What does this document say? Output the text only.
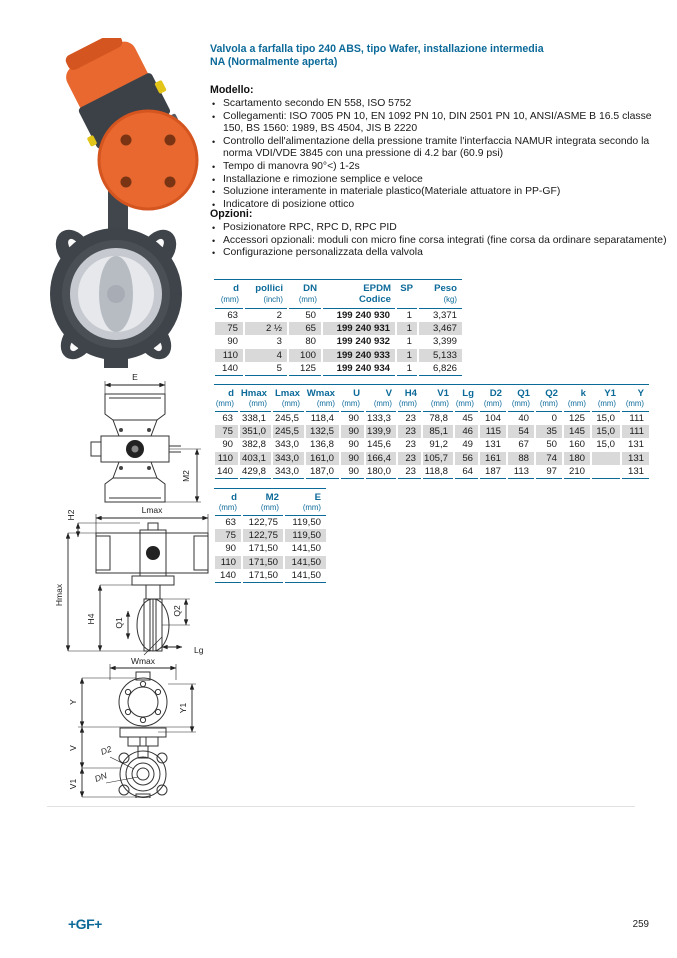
Valvola a farfalla tipo 240 ABS, tipo Wafer, installazione intermedia
NA (Normalmente aperta)
Modello:
• Scartamento secondo EN 558, ISO 5752
• Collegamenti: ISO 7005 PN 10, EN 1092 PN 10, DIN 2501 PN 10, ANSI/ASME B 16.5 classe 150, BS 1560: 1989, BS 4504, JIS B 2220
• Controllo dell'alimentazione della pressione tramite l'interfaccia NAMUR integrata secondo la norma VDI/VDE 3845 con una pressione di 4.2 bar (60.9 psi)
• Tempo di manovra 90°<) 1-2s
• Installazione e rimozione semplice e veloce
• Soluzione interamente in materiale plastico(Materiale attuatore in PP-GF)
• Indicatore di posizione ottico
Opzioni:
• Posizionatore RPC, RPC D, RPC PID
• Accessori opzionali: moduli con micro fine corsa integrati (fine corsa da ordinare separatamente)
• Configurazione personalizzata della valvola
d	pollici	DN	EPDM	SP	Peso
(mm)	(inch)	(mm)	Codice		(kg)
63	2	50	199 240 930	1	3,371
75	2 ½	65	199 240 931	1	3,467
90	3	80	199 240 932	1	3,399
110	4	100	199 240 933	1	5,133
140	5	125	199 240 934	1	6,826
d	Hmax	Lmax	Wmax	U	V	H4	V1	Lg	D2	Q1	Q2	k	Y1	Y
(mm)	(mm)	(mm)	(mm)	(mm)	(mm)	(mm)	(mm)	(mm)	(mm)	(mm)	(mm)	(mm)	(mm)	(mm)
63	338,1	245,5	118,4	90	133,3	23	78,8	45	104	40	0	125	15,0	111
75	351,0	245,5	132,5	90	139,9	23	85,1	46	115	54	35	145	15,0	111
90	382,8	343,0	136,8	90	145,6	23	91,2	49	131	67	50	160	15,0	131
110	403,1	343,0	161,0	90	166,4	23	105,7	56	161	88	74	180		131
140	429,8	343,0	187,0	90	180,0	23	118,8	64	187	113	97	210		131
d	M2	E
(mm)	(mm)	(mm)
63	122,75	119,50
75	122,75	119,50
90	171,50	141,50
110	171,50	141,50
140	171,50	141,50
E
M2
Lmax
H2
Hmax
H4 Q1
Q2
Lg
Wmax
Y
V
V1
Y1
D2
DN
+GF+	259
